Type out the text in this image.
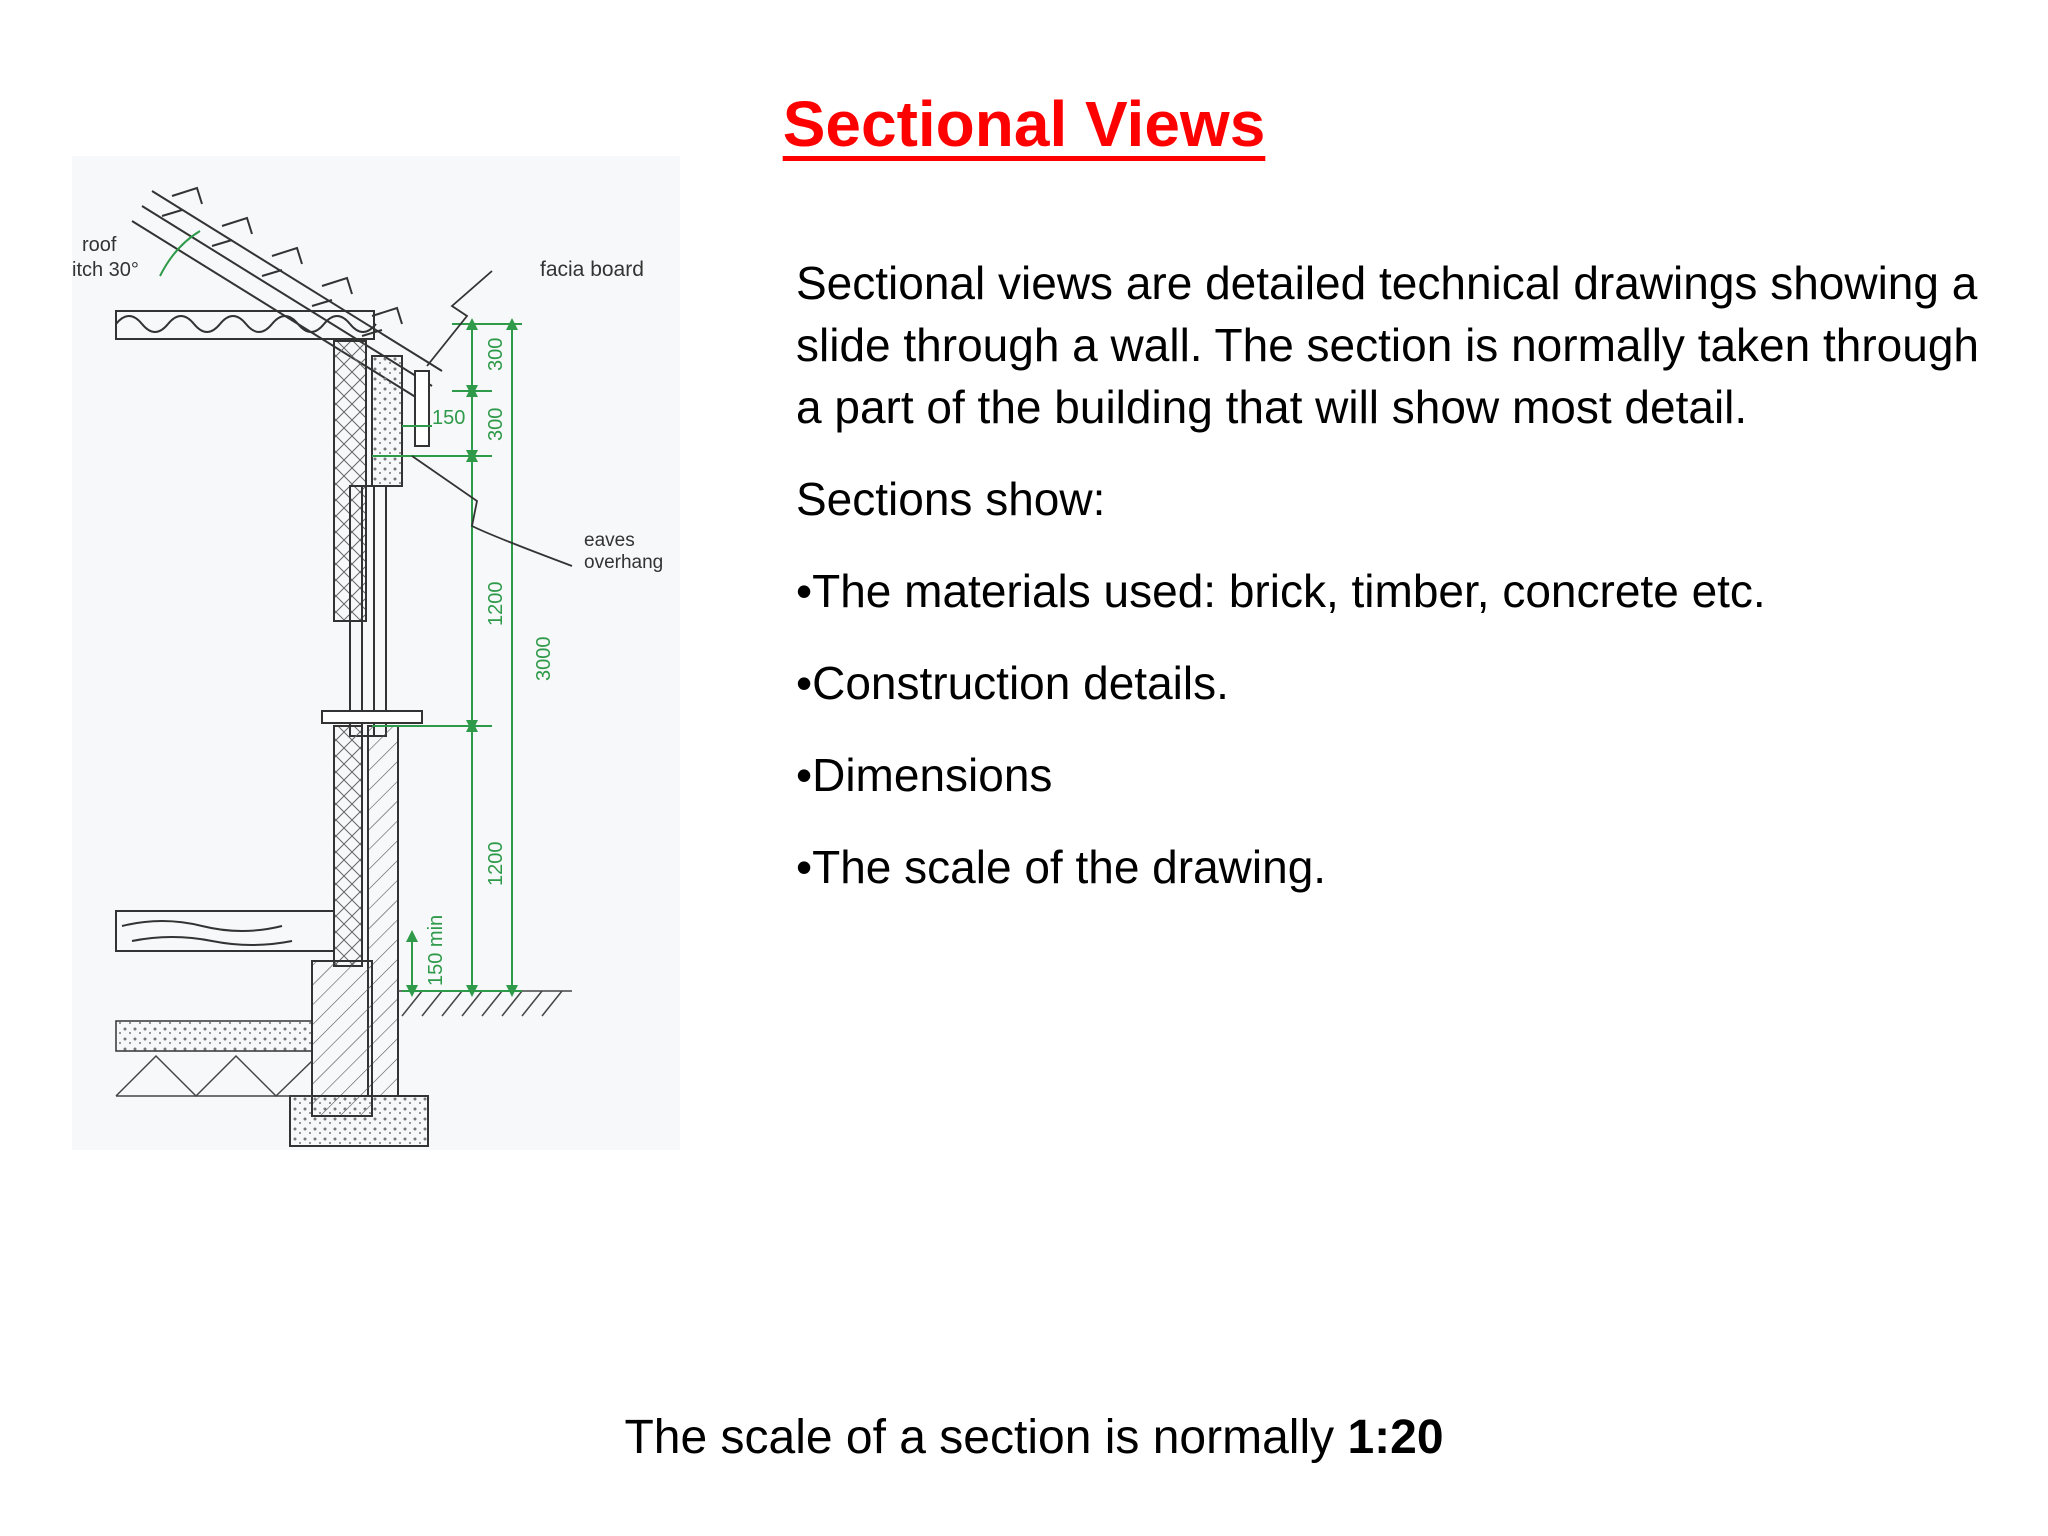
Sectional Views
roof
itch 30°	facia board
eaves
overhang
150
300
300
1200
1200
3000
150 min

Sectional views are detailed technical drawings showing a slide through a wall. The section is normally taken through a part of the building that will show most detail.

Sections show:

•The materials used: brick, timber, concrete etc.

•Construction details.

•Dimensions

•The scale of the drawing.

The scale of a section is normally 1:20
